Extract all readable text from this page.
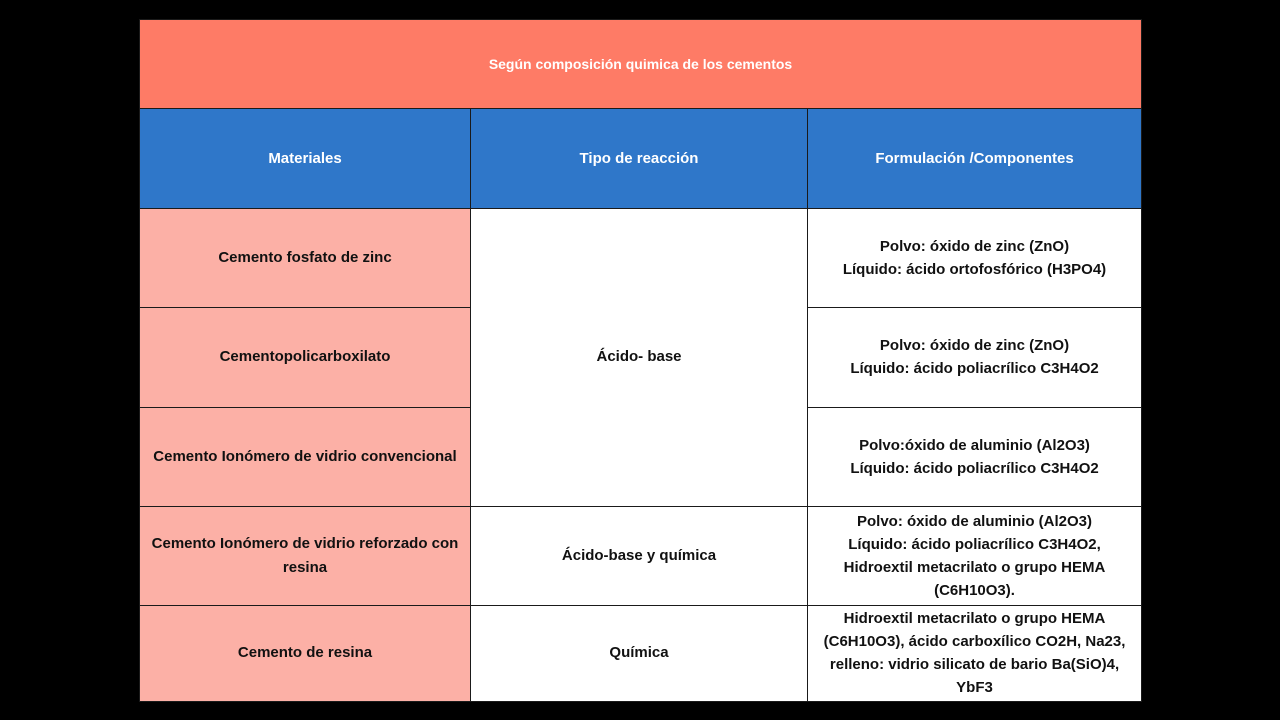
Según composición quimica de los cementos		
Materiales	Tipo de reacción	Formulación /Componentes
Cemento fosfato de zinc	Ácido- base	Polvo: óxido de zinc (ZnO)
Líquido: ácido ortofosfórico (H3PO4)

Cementopolicarboxilato		Polvo: óxido de zinc (ZnO)
Líquido: ácido poliacrílico C3H4O2

Cemento Ionómero de vidrio convencional		Polvo:óxido de aluminio (Al2O3)
Líquido: ácido poliacrílico C3H4O2

Cemento Ionómero de vidrio reforzado con resina	Ácido-base y química	Polvo: óxido de aluminio (Al2O3)
Líquido: ácido poliacrílico C3H4O2,
Hidroextil metacrilato o grupo HEMA
(C6H10O3).

Cemento de resina	Química	Hidroextil metacrilato o grupo HEMA
(C6H10O3), ácido carboxílico CO2H, Na23,
relleno: vidrio silicato de bario Ba(SiO)4,
YbF3
